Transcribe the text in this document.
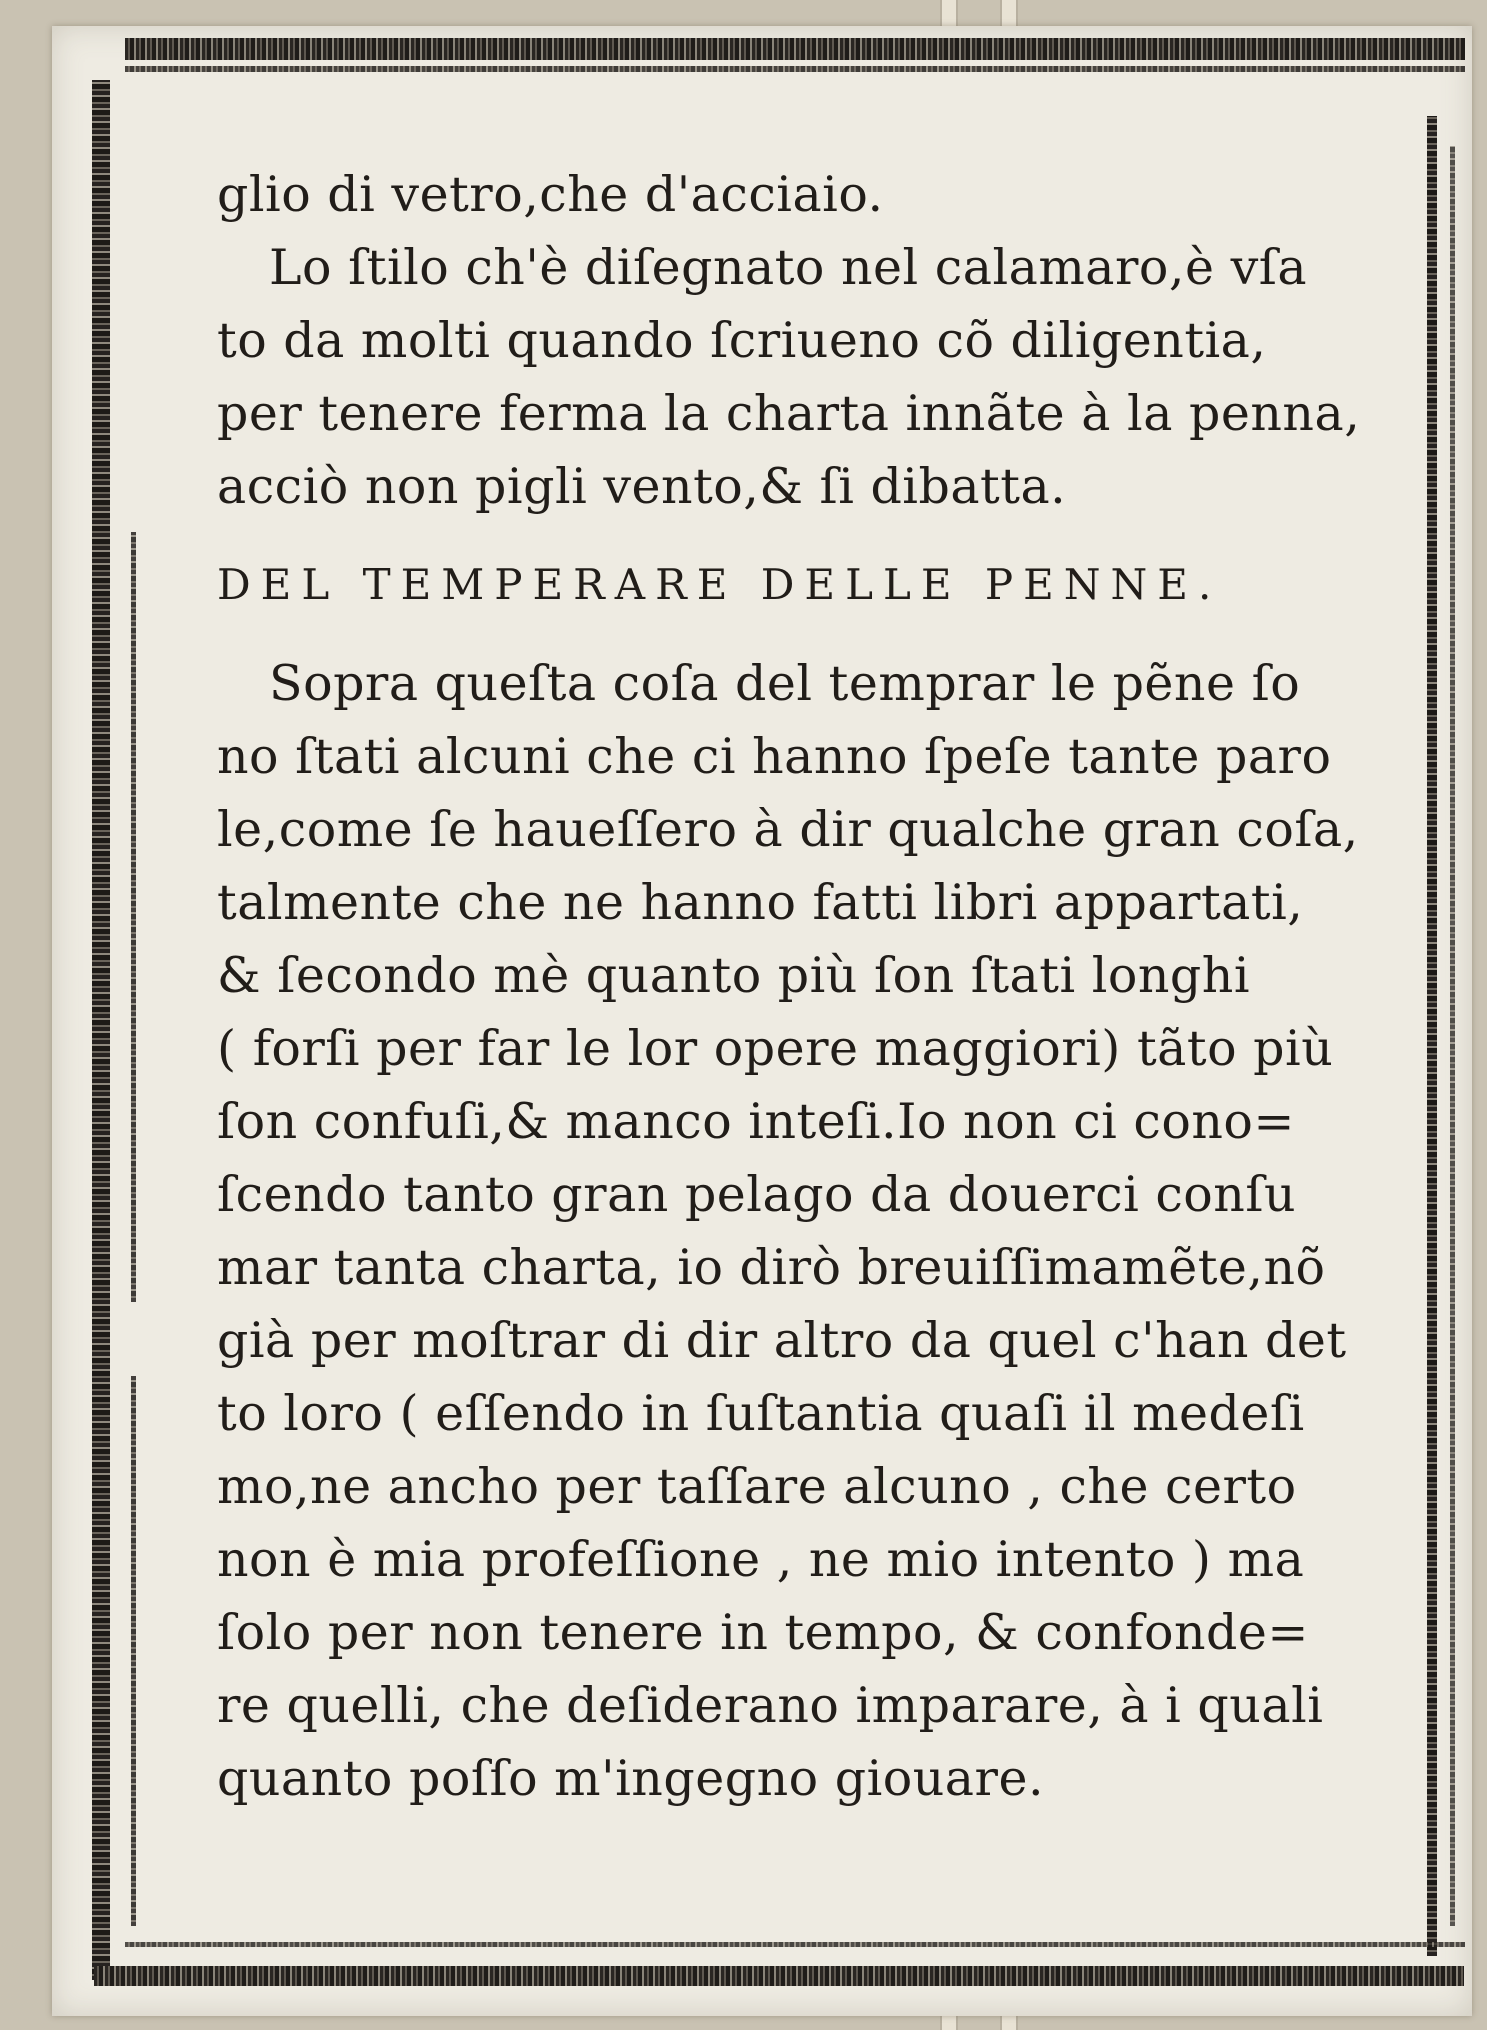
glio di vetro,che d'acciaio.
Lo ſtilo ch'è diſegnato nel calamaro,è vſa
to da molti quando ſcriueno cõ diligentia,
per tenere ferma la charta innãte à la penna,
acciò non pigli vento,& ſi dibatta.
DEL TEMPERARE DELLE PENNE.
Sopra queſta coſa del temprar le pẽne ſo
no ſtati alcuni che ci hanno ſpeſe tante paro
le,come ſe haueſſero à dir qualche gran coſa,
talmente che ne hanno fatti libri appartati,
& ſecondo mè quanto più ſon ſtati longhi
( forſi per far le lor opere maggiori) tãto più
ſon confuſi,& manco inteſi.Io non ci cono=
ſcendo tanto gran pelago da douerci conſu
mar tanta charta, io dirò breuiſſimamẽte,nõ
già per moſtrar di dir altro da quel c'han det
to loro ( eſſendo in ſuſtantia quaſi il medeſi
mo,ne ancho per taſſare alcuno , che certo
non è mia profeſſione , ne mio intento ) ma
ſolo per non tenere in tempo, & confonde=
re quelli, che deſiderano imparare, à i quali
quanto poſſo m'ingegno giouare.
